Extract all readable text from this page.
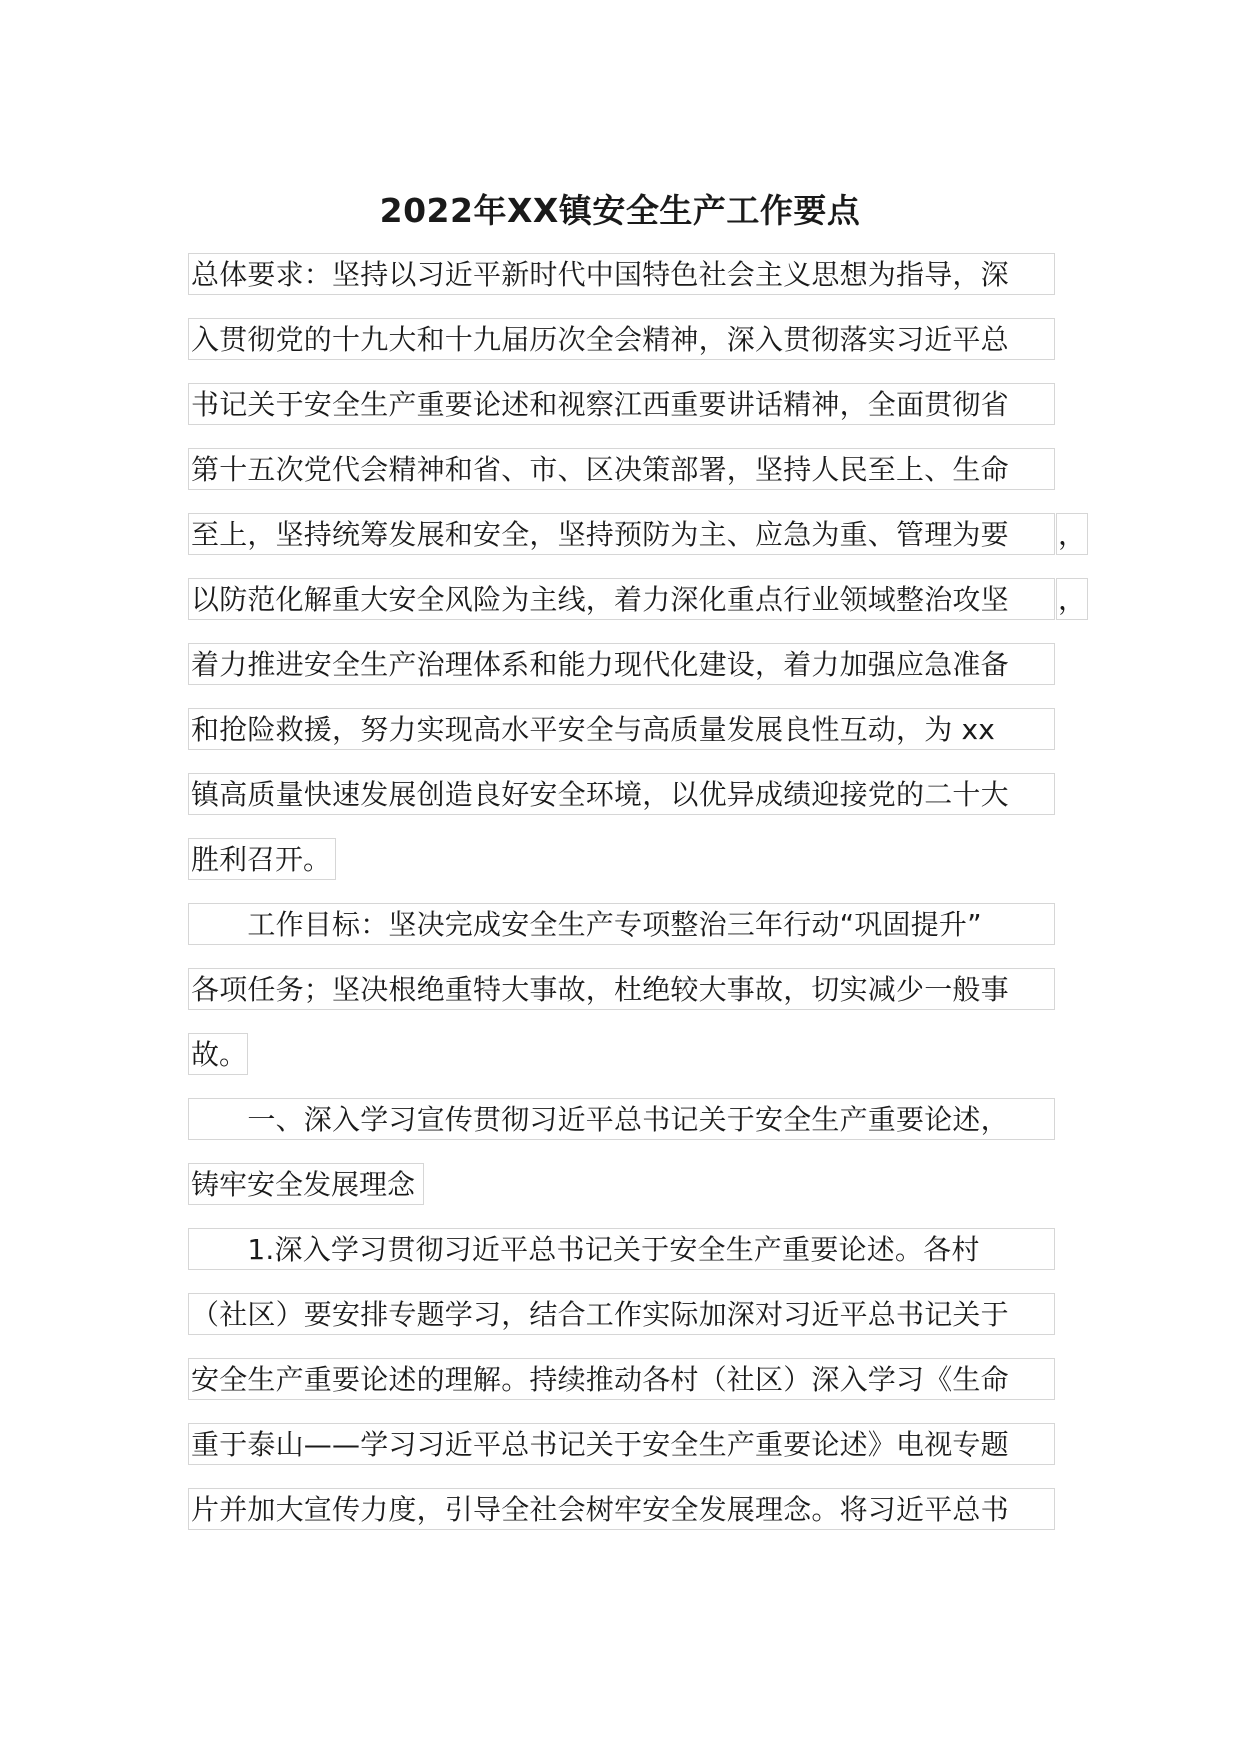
2022年XX镇安全生产工作要点
总体要求：坚持以习近平新时代中国特色社会主义思想为指导，深
入贯彻党的十九大和十九届历次全会精神，深入贯彻落实习近平总
书记关于安全生产重要论述和视察江西重要讲话精神，全面贯彻省
第十五次党代会精神和省、市、区决策部署，坚持人民至上、生命
至上，坚持统筹发展和安全，坚持预防为主、应急为重、管理为要	，
以防范化解重大安全风险为主线，着力深化重点行业领域整治攻坚	，
着力推进安全生产治理体系和能力现代化建设，着力加强应急准备
和抢险救援，努力实现高水平安全与高质量发展良性互动，为 xx
镇高质量快速发展创造良好安全环境，以优异成绩迎接党的二十大
胜利召开。
　　工作目标：坚决完成安全生产专项整治三年行动“巩固提升”
各项任务；坚决根绝重特大事故，杜绝较大事故，切实减少一般事
故。
　　一、深入学习宣传贯彻习近平总书记关于安全生产重要论述，
铸牢安全发展理念
　　1.深入学习贯彻习近平总书记关于安全生产重要论述。各村
（社区）要安排专题学习，结合工作实际加深对习近平总书记关于
安全生产重要论述的理解。持续推动各村（社区）深入学习《生命
重于泰山——学习习近平总书记关于安全生产重要论述》电视专题
片并加大宣传力度，引导全社会树牢安全发展理念。将习近平总书
